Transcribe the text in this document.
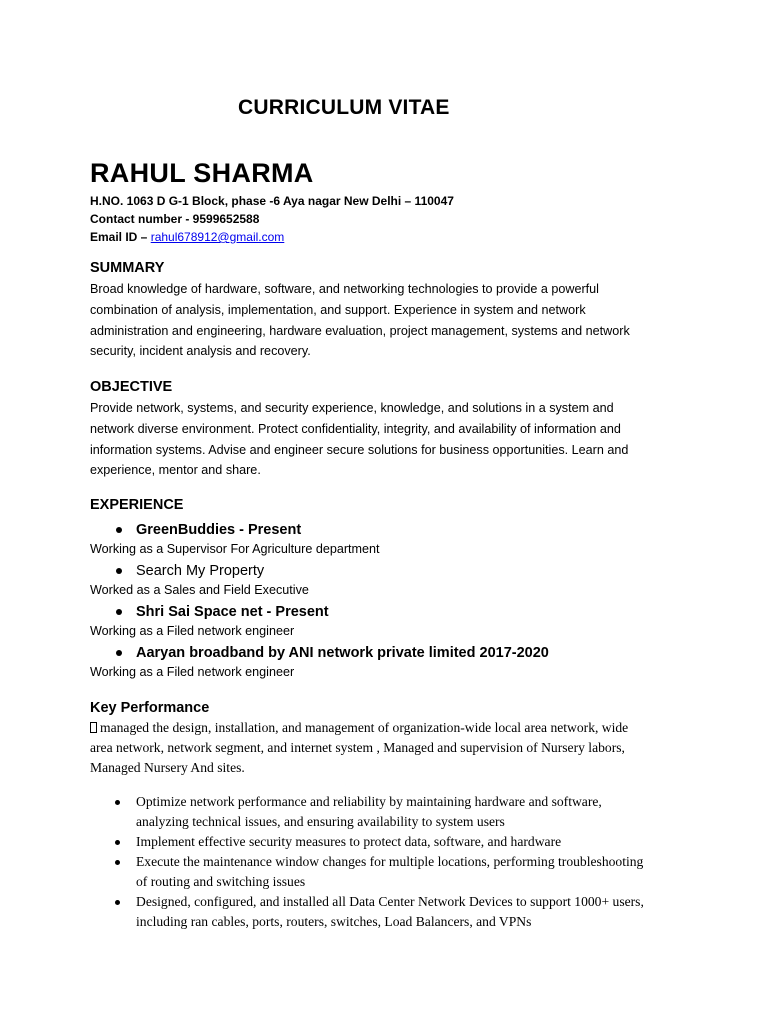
CURRICULUM VITAE
RAHUL SHARMA
H.NO. 1063 D G-1 Block, phase -6 Aya nagar New Delhi – 110047
Contact number - 9599652588
Email ID – rahul678912@gmail.com
SUMMARY
Broad knowledge of hardware, software, and networking technologies to provide a powerful
combination of analysis, implementation, and support. Experience in system and network
administration and engineering, hardware evaluation, project management, systems and network
security, incident analysis and recovery.
OBJECTIVE
Provide network, systems, and security experience, knowledge, and solutions in a system and
network diverse environment. Protect confidentiality, integrity, and availability of information and
information systems. Advise and engineer secure solutions for business opportunities. Learn and
experience, mentor and share.
EXPERIENCE
GreenBuddies - Present
Working as a Supervisor For Agriculture department
Search My Property
Worked as a Sales and Field Executive
Shri Sai Space net - Present
Working as a Filed network engineer
Aaryan broadband by ANI network private limited 2017-2020
Working as a Filed network engineer
Key Performance
managed the design, installation, and management of organization-wide local area network, wide
area network, network segment, and internet system , Managed and supervision of Nursery labors,
Managed Nursery And sites.
Optimize network performance and reliability by maintaining hardware and software,
analyzing technical issues, and ensuring availability to system users
Implement effective security measures to protect data, software, and hardware
Execute the maintenance window changes for multiple locations, performing troubleshooting
of routing and switching issues
Designed, configured, and installed all Data Center Network Devices to support 1000+ users,
including ran cables, ports, routers, switches, Load Balancers, and VPNs
